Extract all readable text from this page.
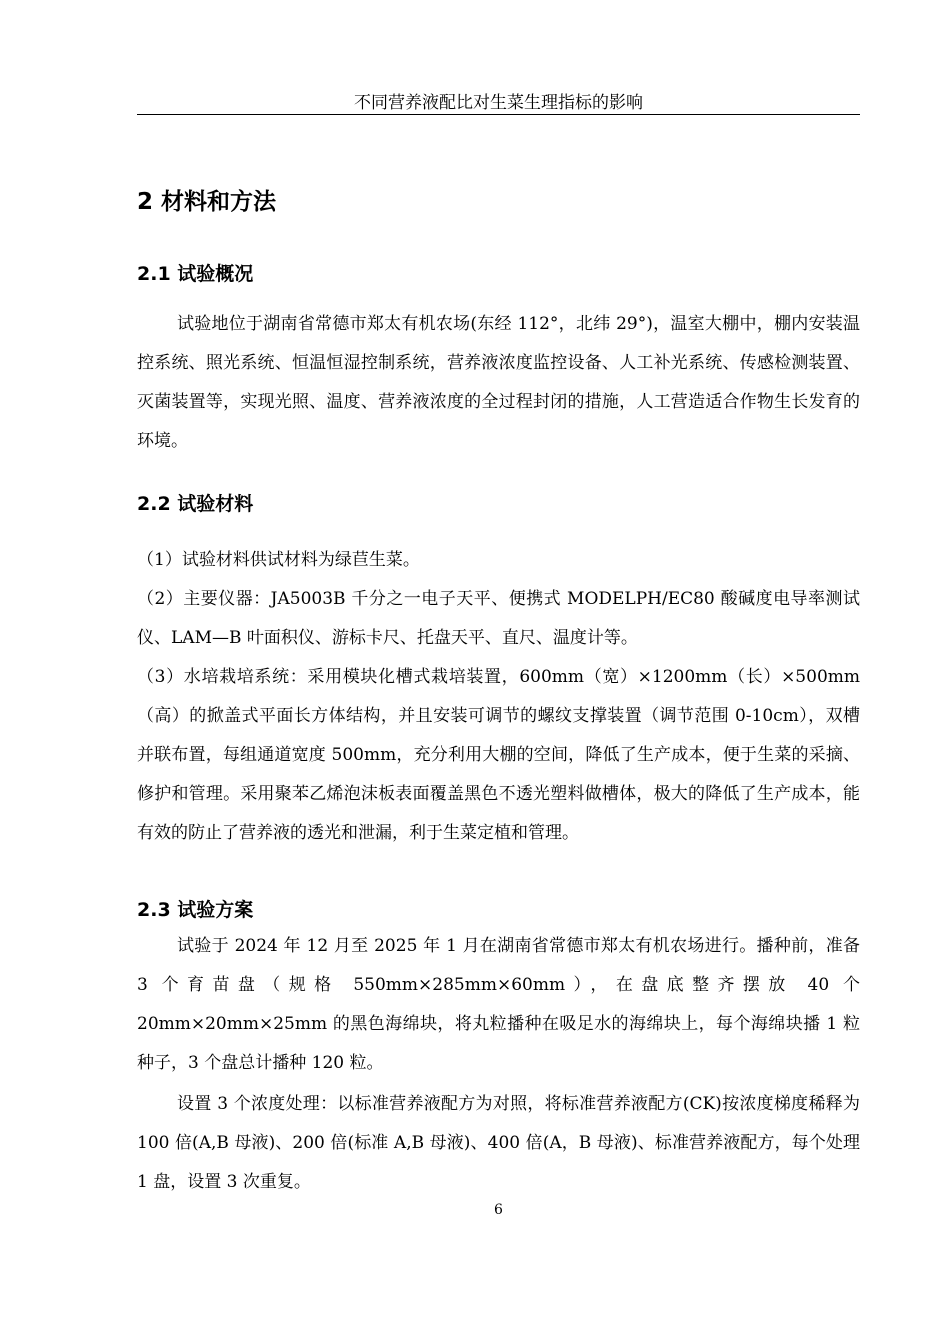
不同营养液配比对生菜生理指标的影响
2 材料和方法
2.1 试验概况

试验地位于湖南省常德市郑太有机农场(东经 112°，北纬 29°)，温室大棚中，棚内安装温控系统、照光系统、恒温恒湿控制系统，营养液浓度监控设备、人工补光系统、传感检测装置、灭菌装置等，实现光照、温度、营养液浓度的全过程封闭的措施，人工营造适合作物生长发育的环境。

2.2 试验材料

（1）试验材料供试材料为绿苣生菜。

（2）主要仪器：JA5003B 千分之一电子天平、便携式 MODELPH/EC80 酸碱度电导率测试仪、LAM—B 叶面积仪、游标卡尺、托盘天平、直尺、温度计等。

（3）水培栽培系统：采用模块化槽式栽培装置，600mm（宽）×1200mm（长）×500mm（高）的掀盖式平面长方体结构，并且安装可调节的螺纹支撑装置（调节范围 0-10cm），双槽并联布置，每组通道宽度 500mm，充分利用大棚的空间，降低了生产成本，便于生菜的采摘、修护和管理。采用聚苯乙烯泡沫板表面覆盖黑色不透光塑料做槽体，极大的降低了生产成本，能有效的防止了营养液的透光和泄漏，利于生菜定植和管理。

2.3 试验方案

试验于 2024 年 12 月至 2025 年 1 月在湖南省常德市郑太有机农场进行。播种前，准备 3 个育苗盘（规格 550mm×285mm×60mm），在盘底整齐摆放 40 个 20mm×20mm×25mm 的黑色海绵块，将丸粒播种在吸足水的海绵块上，每个海绵块播 1 粒种子，3 个盘总计播种 120 粒。

设置 3 个浓度处理：以标准营养液配方为对照，将标准营养液配方(CK)按浓度梯度稀释为 100 倍(A,B 母液)、200 倍(标准 A,B 母液)、400 倍(A，B 母液)、标准营养液配方，每个处理 1 盘，设置 3 次重复。

6
